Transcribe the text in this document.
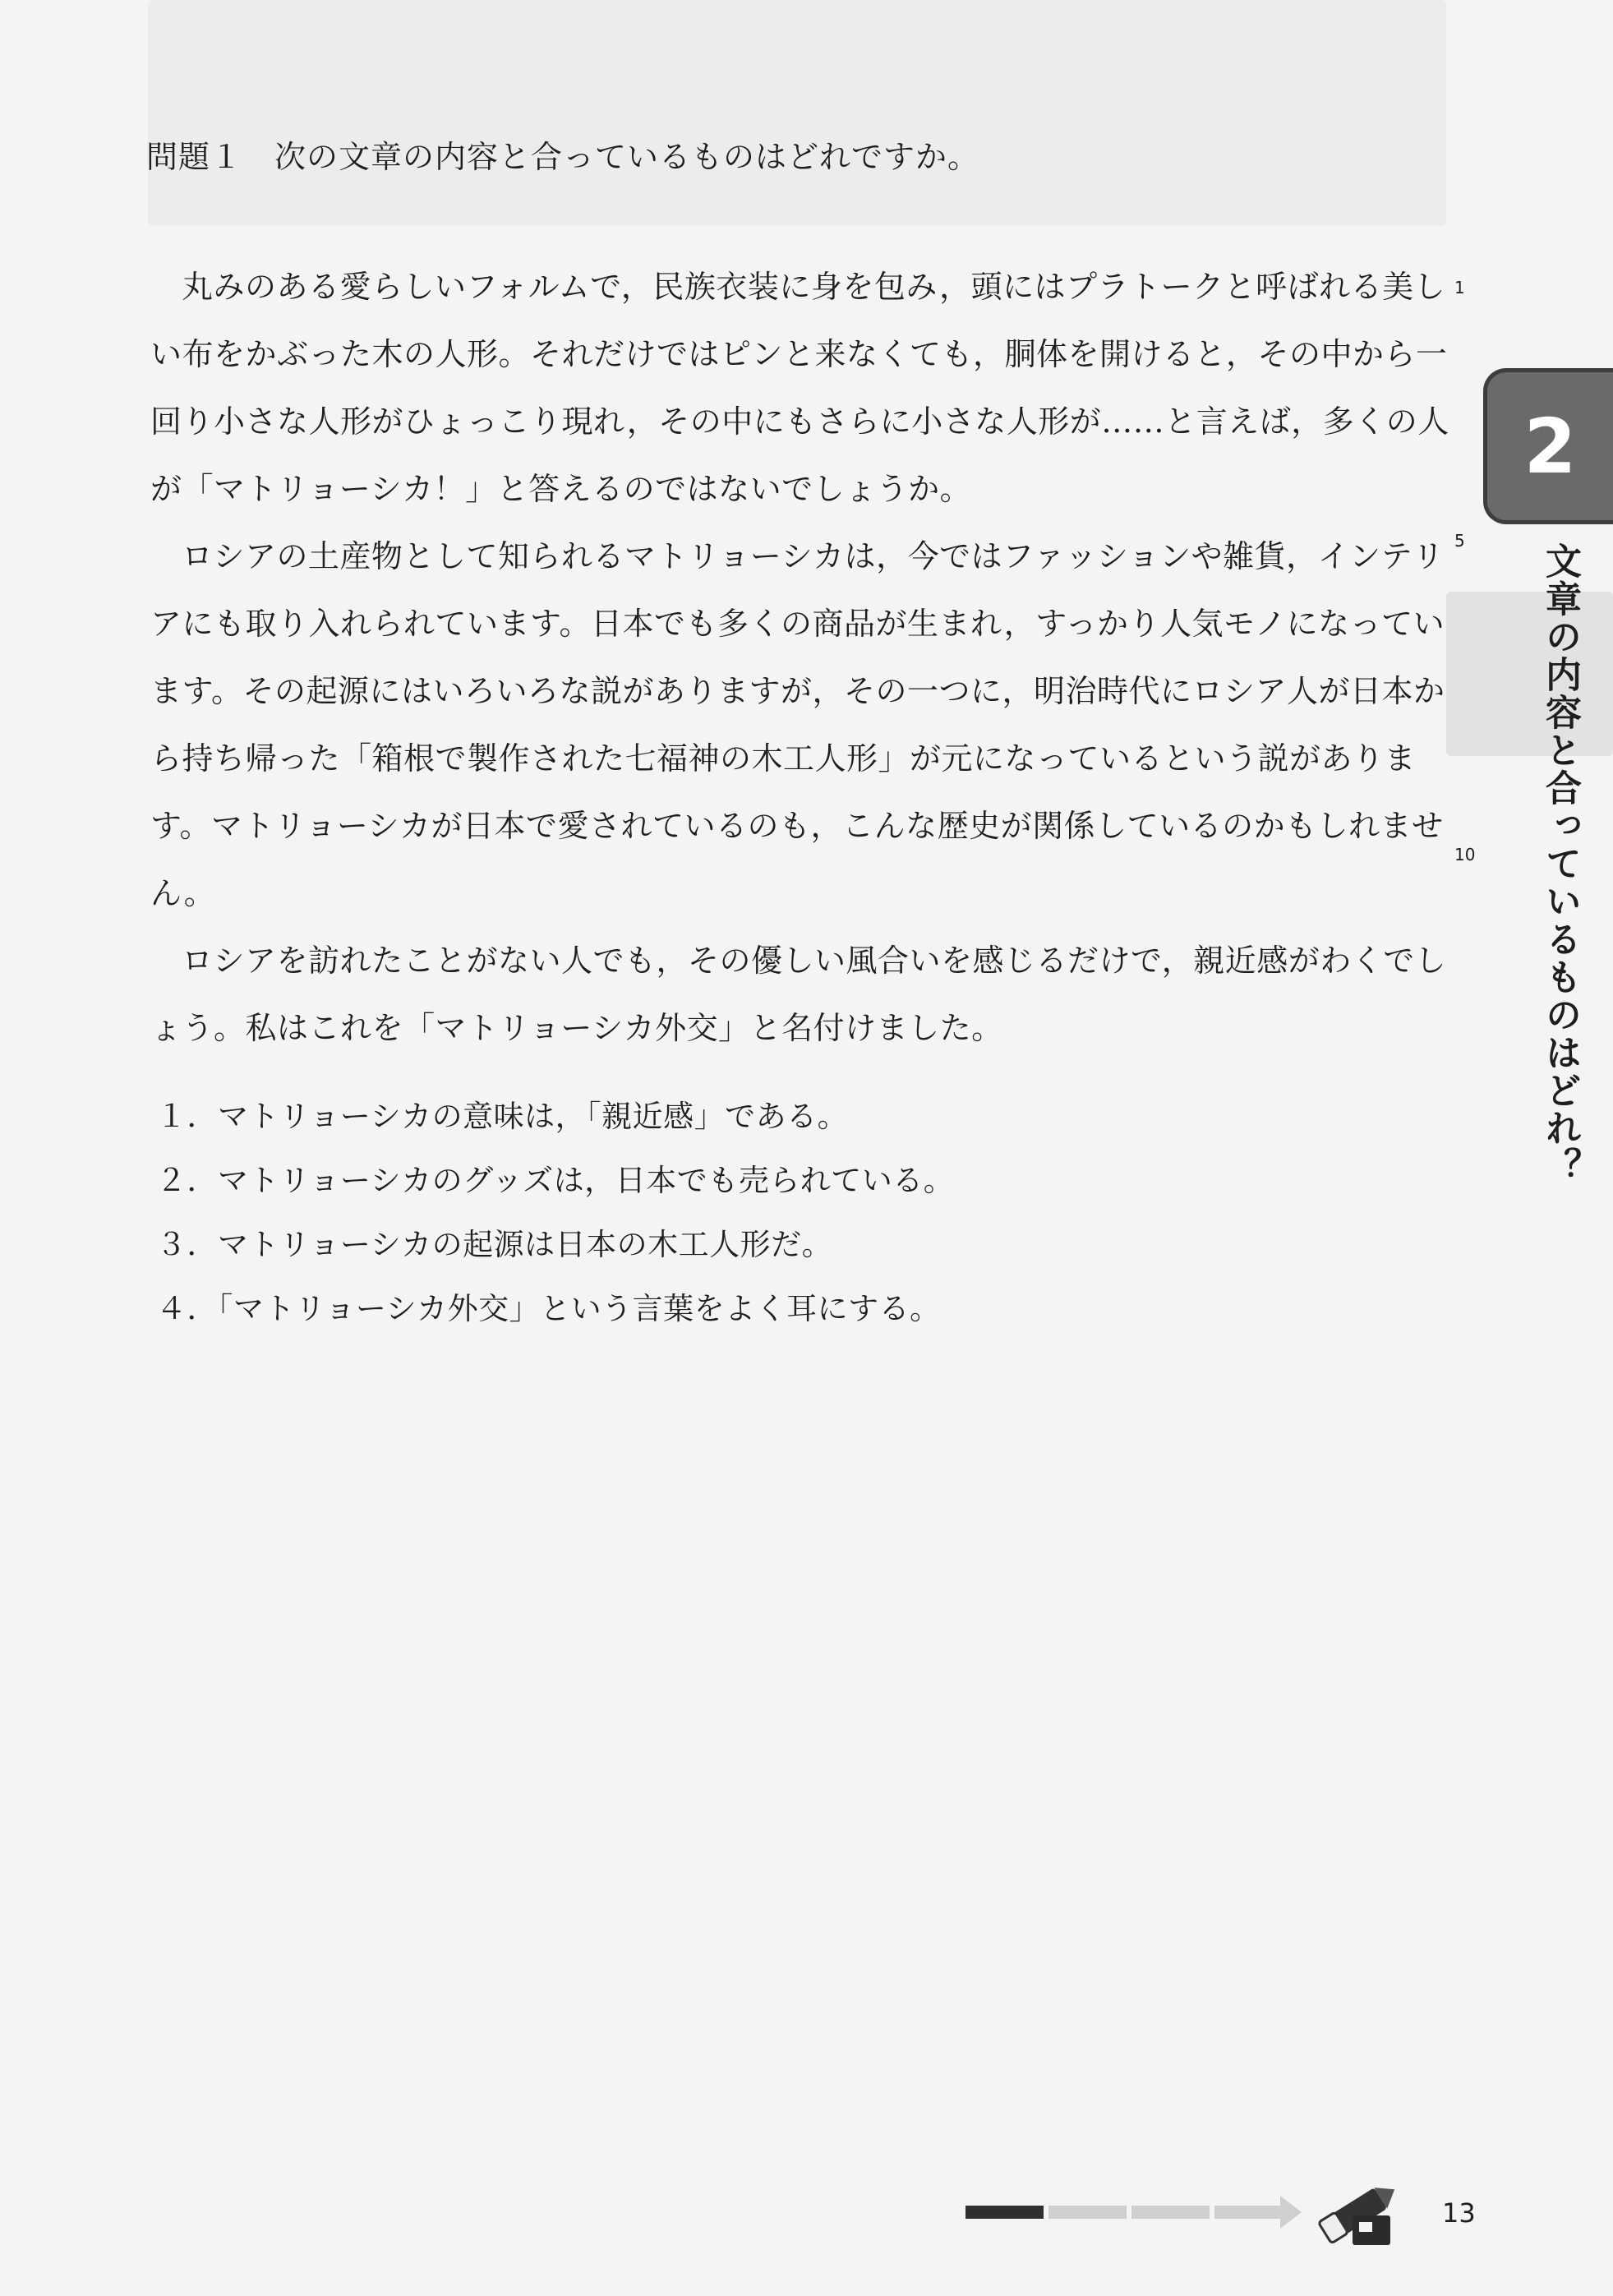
問題１　次の文章の内容と合っているものはどれですか。

丸みのある愛らしいフォルムで，民族衣装に身を包み，頭にはプラトークと呼ばれる美しい布をかぶった木の人形。それだけではピンと来なくても，胴体を開けると，その中から一回り小さな人形がひょっこり現れ，その中にもさらに小さな人形が……と言えば，多くの人が「マトリョーシカ！」と答えるのではないでしょうか。

ロシアの土産物として知られるマトリョーシカは，今ではファッションや雑貨，インテリアにも取り入れられています。日本でも多くの商品が生まれ，すっかり人気モノになっています。その起源にはいろいろな説がありますが，その一つに，明治時代にロシア人が日本から持ち帰った「箱根で製作された七福神の木工人形」が元になっているという説があります。マトリョーシカが日本で愛されているのも，こんな歴史が関係しているのかもしれません。

ロシアを訪れたことがない人でも，その優しい風合いを感じるだけで，親近感がわくでしょう。私はこれを「マトリョーシカ外交」と名付けました。

1
5
10
2
文章の内容と合っているものはどれ？
１．マトリョーシカの意味は，「親近感」である。
２．マトリョーシカのグッズは，日本でも売られている。
３．マトリョーシカの起源は日本の木工人形だ。
４．「マトリョーシカ外交」という言葉をよく耳にする。
13
